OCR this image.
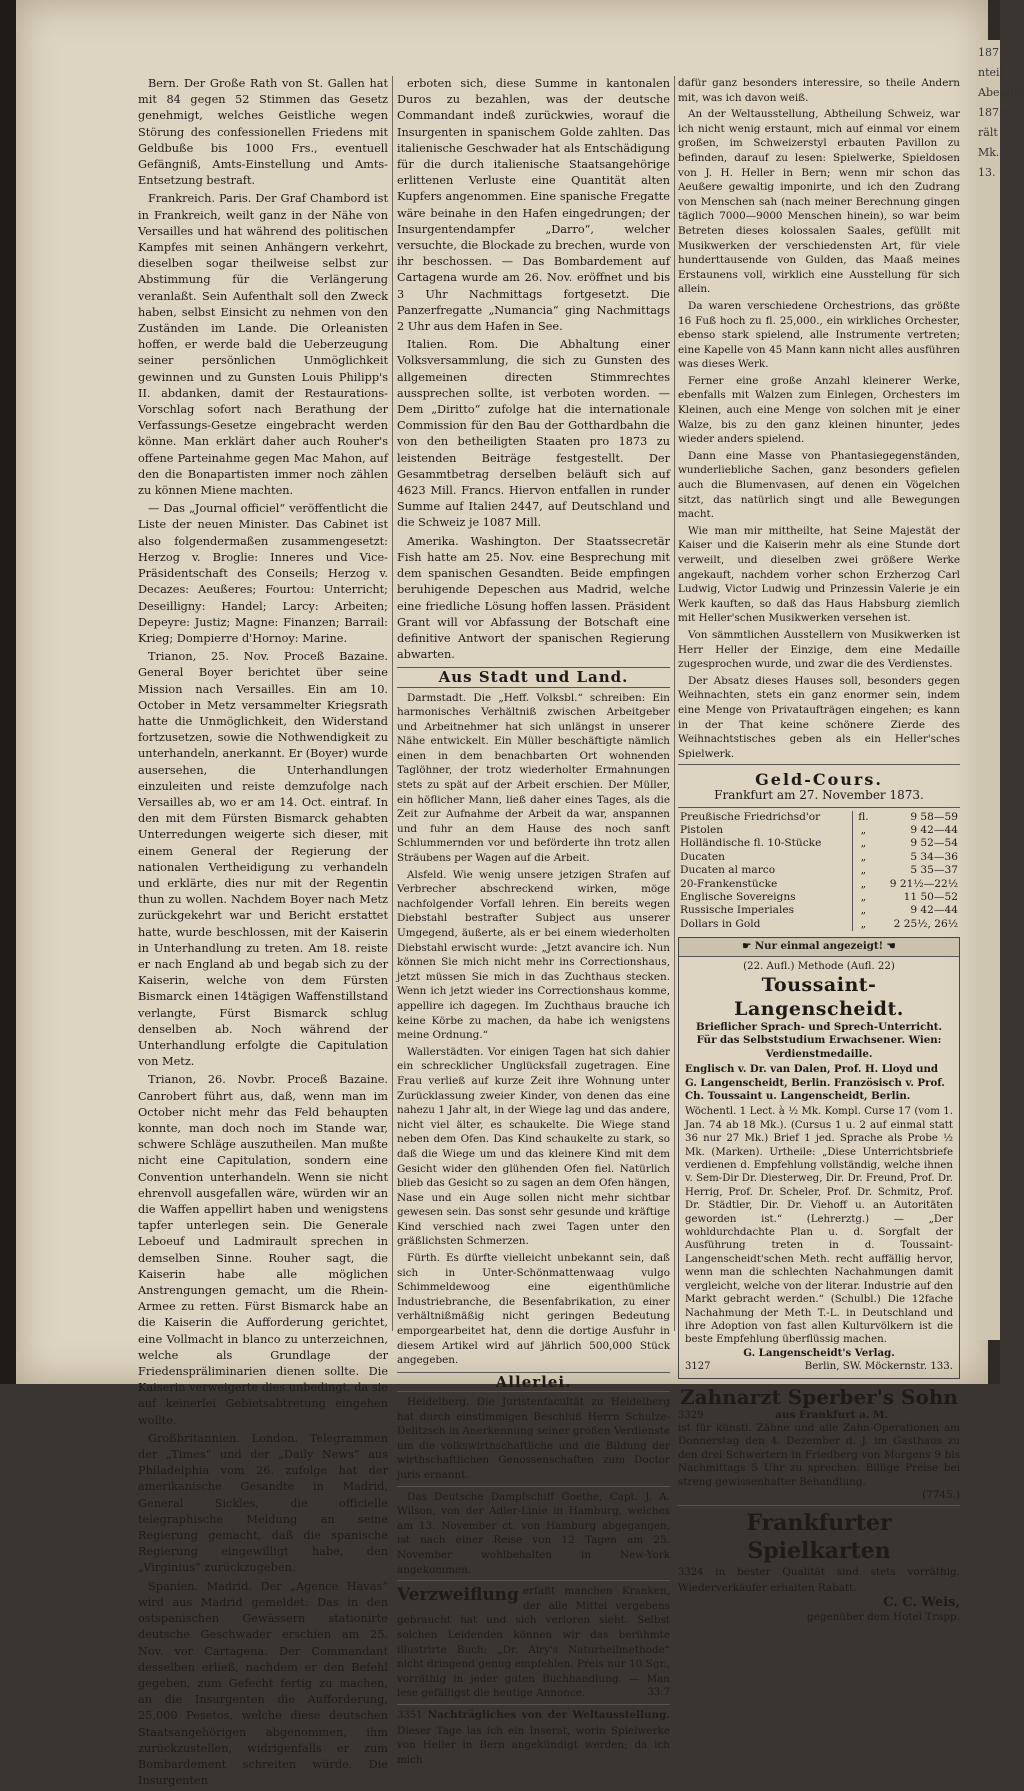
187
nteil
Abendbl
1873
rält
Mk.
13.

Bern. Der Große Rath von St. Gallen hat mit 84 gegen 52 Stimmen das Gesetz genehmigt, welches Geistliche wegen Störung des confessionellen Friedens mit Geldbuße bis 1000 Frs., eventuell Gefängniß, Amts-Einstellung und Amts-Entsetzung bestraft.

Frankreich. Paris. Der Graf Chambord ist in Frankreich, weilt ganz in der Nähe von Versailles und hat während des politischen Kampfes mit seinen Anhängern verkehrt, dieselben sogar theilweise selbst zur Abstimmung für die Verlängerung veranlaßt. Sein Aufenthalt soll den Zweck haben, selbst Einsicht zu nehmen von den Zuständen im Lande. Die Orleanisten hoffen, er werde bald die Ueberzeugung seiner persönlichen Unmöglichkeit gewinnen und zu Gunsten Louis Philipp's II. abdanken, damit der Restaurations-Vorschlag sofort nach Berathung der Verfassungs-Gesetze eingebracht werden könne. Man erklärt daher auch Rouher's offene Parteinahme gegen Mac Mahon, auf den die Bonapartisten immer noch zählen zu können Miene machten.

— Das „Journal officiel“ veröffentlicht die Liste der neuen Minister. Das Cabinet ist also folgendermaßen zusammengesetzt: Herzog v. Broglie: Inneres und Vice-Präsidentschaft des Conseils; Herzog v. Decazes: Aeußeres; Fourtou: Unterricht; Deseilligny: Handel; Larcy: Arbeiten; Depeyre: Justiz; Magne: Finanzen; Barrail: Krieg; Dompierre d'Hornoy: Marine.

Trianon, 25. Nov. Proceß Bazaine. General Boyer berichtet über seine Mission nach Versailles. Ein am 10. October in Metz versammelter Kriegsrath hatte die Unmöglichkeit, den Widerstand fortzusetzen, sowie die Nothwendigkeit zu unterhandeln, anerkannt. Er (Boyer) wurde ausersehen, die Unterhandlungen einzuleiten und reiste demzufolge nach Versailles ab, wo er am 14. Oct. eintraf. In den mit dem Fürsten Bismarck gehabten Unterredungen weigerte sich dieser, mit einem General der Regierung der nationalen Vertheidigung zu verhandeln und erklärte, dies nur mit der Regentin thun zu wollen. Nachdem Boyer nach Metz zurückgekehrt war und Bericht erstattet hatte, wurde beschlossen, mit der Kaiserin in Unterhandlung zu treten. Am 18. reiste er nach England ab und begab sich zu der Kaiserin, welche von dem Fürsten Bismarck einen 14tägigen Waffenstillstand verlangte, Fürst Bismarck schlug denselben ab. Noch während der Unterhandlung erfolgte die Capitulation von Metz.

Trianon, 26. Novbr. Proceß Bazaine. Canrobert führt aus, daß, wenn man im October nicht mehr das Feld behaupten konnte, man doch noch im Stande war, schwere Schläge auszutheilen. Man mußte nicht eine Capitulation, sondern eine Convention unterhandeln. Wenn sie nicht ehrenvoll ausgefallen wäre, würden wir an die Waffen appellirt haben und wenigstens tapfer unterlegen sein. Die Generale Leboeuf und Ladmirault sprechen in demselben Sinne. Rouher sagt, die Kaiserin habe alle möglichen Anstrengungen gemacht, um die Rhein-Armee zu retten. Fürst Bismarck habe an die Kaiserin die Aufforderung gerichtet, eine Vollmacht in blanco zu unterzeichnen, welche als Grundlage der Friedenspräliminarien dienen sollte. Die Kaiserin verweigerte dies unbedingt, da sie auf keinerlei Gebietsabtretung eingehen wollte.

Großbritannien. London. Telegrammen der „Times“ und der „Daily News“ aus Philadelphia vom 26. zufolge hat der amerikanische Gesandte in Madrid, General Sickles, die officielle telegraphische Meldung an seine Regierung gemacht, daß die spanische Regierung eingewilligt habe, den „Virginius“ zurückzugeben.

Spanien. Madrid. Der „Agence Havas“ wird aus Madrid gemeldet: Das in den ostspanischen Gewässern stationirte deutsche Geschwader erschien am 25. Nov. vor Cartagena. Der Commandant desselben erließ, nachdem er den Befehl gegeben, zum Gefecht fertig zu machen, an die Insurgenten die Aufforderung, 25,000 Pesetos, welche diese deutschen Staatsangehörigen abgenommen, ihm zurückzustellen, widrigenfalls er zum Bombardement schreiten würde. Die Insurgenten

erboten sich, diese Summe in kantonalen Duros zu bezahlen, was der deutsche Commandant indeß zurückwies, worauf die Insurgenten in spanischem Golde zahlten. Das italienische Geschwader hat als Entschädigung für die durch italienische Staatsangehörige erlittenen Verluste eine Quantität alten Kupfers angenommen. Eine spanische Fregatte wäre beinahe in den Hafen eingedrungen; der Insurgentendampfer „Darro“, welcher versuchte, die Blockade zu brechen, wurde von ihr beschossen. — Das Bombardement auf Cartagena wurde am 26. Nov. eröffnet und bis 3 Uhr Nachmittags fortgesetzt. Die Panzerfregatte „Numancia“ ging Nachmittags 2 Uhr aus dem Hafen in See.

Italien. Rom. Die Abhaltung einer Volksversammlung, die sich zu Gunsten des allgemeinen directen Stimmrechtes aussprechen sollte, ist verboten worden. — Dem „Diritto“ zufolge hat die internationale Commission für den Bau der Gotthardbahn die von den betheiligten Staaten pro 1873 zu leistenden Beiträge festgestellt. Der Gesammtbetrag derselben beläuft sich auf 4623 Mill. Francs. Hiervon entfallen in runder Summe auf Italien 2447, auf Deutschland und die Schweiz je 1087 Mill.

Amerika. Washington. Der Staatssecretär Fish hatte am 25. Nov. eine Besprechung mit dem spanischen Gesandten. Beide empfingen beruhigende Depeschen aus Madrid, welche eine friedliche Lösung hoffen lassen. Präsident Grant will vor Abfassung der Botschaft eine definitive Antwort der spanischen Regierung abwarten.

Aus Stadt und Land.

Darmstadt. Die „Heff. Volksbl.“ schreiben: Ein harmonisches Verhältniß zwischen Arbeitgeber und Arbeitnehmer hat sich unlängst in unserer Nähe entwickelt. Ein Müller beschäftigte nämlich einen in dem benachbarten Ort wohnenden Taglöhner, der trotz wiederholter Ermahnungen stets zu spät auf der Arbeit erschien. Der Müller, ein höflicher Mann, ließ daher eines Tages, als die Zeit zur Aufnahme der Arbeit da war, anspannen und fuhr an dem Hause des noch sanft Schlummernden vor und beförderte ihn trotz allen Sträubens per Wagen auf die Arbeit.

Alsfeld. Wie wenig unsere jetzigen Strafen auf Verbrecher abschreckend wirken, möge nachfolgender Vorfall lehren. Ein bereits wegen Diebstahl bestrafter Subject aus unserer Umgegend, äußerte, als er bei einem wiederholten Diebstahl erwischt wurde: „Jetzt avancire ich. Nun können Sie mich nicht mehr ins Correctionshaus, jetzt müssen Sie mich in das Zuchthaus stecken. Wenn ich jetzt wieder ins Correctionshaus komme, appellire ich dagegen. Im Zuchthaus brauche ich keine Körbe zu machen, da habe ich wenigstens meine Ordnung.“

Wallerstädten. Vor einigen Tagen hat sich dahier ein schrecklicher Unglücksfall zugetragen. Eine Frau verließ auf kurze Zeit ihre Wohnung unter Zurücklassung zweier Kinder, von denen das eine nahezu 1 Jahr alt, in der Wiege lag und das andere, nicht viel älter, es schaukelte. Die Wiege stand neben dem Ofen. Das Kind schaukelte zu stark, so daß die Wiege um und das kleinere Kind mit dem Gesicht wider den glühenden Ofen fiel. Natürlich blieb das Gesicht so zu sagen an dem Ofen hängen, Nase und ein Auge sollen nicht mehr sichtbar gewesen sein. Das sonst sehr gesunde und kräftige Kind verschied nach zwei Tagen unter den gräßlichsten Schmerzen.

Fürth. Es dürfte vielleicht unbekannt sein, daß sich in Unter-Schönmattenwaag vulgo Schimmeldewoog eine eigenthümliche Industriebranche, die Besenfabrikation, zu einer verhältnißmäßig nicht geringen Bedeutung emporgearbeitet hat, denn die dortige Ausfuhr in diesem Artikel wird auf jährlich 500,000 Stück angegeben.

Allerlei.

Heidelberg. Die Juristenfacultät zu Heidelberg hat durch einstimmigen Beschluß Herrn Schulze-Delitzsch in Anerkennung seiner großen Verdienste um die volkswirthschaftliche und die Bildung der wirthschaftlichen Genossenschaften zum Doctor juris ernannt.

Das Deutsche Dampfschiff Goethe, Capt. J. A. Wilson, von der Adler-Linie in Hamburg, welches am 13. November ct. von Hamburg abgegangen, ist nach einer Reise von 12 Tagen am 25. November wohlbehalten in New-York angekommen.

Verzweiflung erfaßt manchen Kranken, der alle Mittel vergebens gebraucht hat und sich verloren sieht. Selbst solchen Leidenden können wir das berühmte illustrirte Buch: „Dr. Airy's Naturheilmethode“ nicht dringend genug empfehlen. Preis nur 10 Sgr., vorräthig in jeder guten Buchhandlung. — Man lese gefälligst die heutige Annonce.	33:7

3351 Nachträgliches von der Weltausstellung. Dieser Tage las ich ein Inserat, worin Spielwerke von Heller in Bern angekündigt werden; da ich mich

dafür ganz besonders interessire, so theile Andern mit, was ich davon weiß.

An der Weltausstellung, Abtheilung Schweiz, war ich nicht wenig erstaunt, mich auf einmal vor einem großen, im Schweizerstyl erbauten Pavillon zu befinden, darauf zu lesen: Spielwerke, Spieldosen von J. H. Heller in Bern; wenn mir schon das Aeußere gewaltig imponirte, und ich den Zudrang von Menschen sah (nach meiner Berechnung gingen täglich 7000—9000 Menschen hinein), so war beim Betreten dieses kolossalen Saales, gefüllt mit Musikwerken der verschiedensten Art, für viele hunderttausende von Gulden, das Maaß meines Erstaunens voll, wirklich eine Ausstellung für sich allein.

Da waren verschiedene Orchestrions, das größte 16 Fuß hoch zu fl. 25,000., ein wirkliches Orchester, ebenso stark spielend, alle Instrumente vertreten; eine Kapelle von 45 Mann kann nicht alles ausführen was dieses Werk.

Ferner eine große Anzahl kleinerer Werke, ebenfalls mit Walzen zum Einlegen, Orchesters im Kleinen, auch eine Menge von solchen mit je einer Walze, bis zu den ganz kleinen hinunter, jedes wieder anders spielend.

Dann eine Masse von Phantasiegegenständen, wunderliebliche Sachen, ganz besonders gefielen auch die Blumenvasen, auf denen ein Vögelchen sitzt, das natürlich singt und alle Bewegungen macht.

Wie man mir mittheilte, hat Seine Majestät der Kaiser und die Kaiserin mehr als eine Stunde dort verweilt, und dieselben zwei größere Werke angekauft, nachdem vorher schon Erzherzog Carl Ludwig, Victor Ludwig und Prinzessin Valerie je ein Werk kauften, so daß das Haus Habsburg ziemlich mit Heller'schen Musikwerken versehen ist.

Von sämmtlichen Ausstellern von Musikwerken ist Herr Heller der Einzige, dem eine Medaille zugesprochen wurde, und zwar die des Verdienstes.

Der Absatz dieses Hauses soll, besonders gegen Weihnachten, stets ein ganz enormer sein, indem eine Menge von Privataufträgen eingehen; es kann in der That keine schönere Zierde des Weihnachtstisches geben als ein Heller'sches Spielwerk.

Geld-Cours.
Frankfurt am 27. November 1873.
Preußische Friedrichsd'or	fl.	9 58—59
Pistolen	„	9 42—44
Holländische fl. 10-Stücke	„	9 52—54
Ducaten	„	5 34—36
Ducaten al marco	„	5 35—37
20-Frankenstücke	„	9 21½—22½
Englische Sovereigns	„	11 50—52
Russische Imperiales	„	9 42—44
Dollars in Gold	„	2 25½, 26½
☛ Nur einmal angezeigt! ☚
(22. Aufl.) Methode (Aufl. 22)
Toussaint-Langenscheidt.
Brieflicher Sprach- und Sprech-Unterricht. Für das Selbststudium Erwachsener. Wien: Verdienstmedaille.
Englisch v. Dr. van Dalen, Prof. H. Lloyd und G. Langenscheidt, Berlin. Französisch v. Prof. Ch. Toussaint u. Langenscheidt, Berlin.
Wöchentl. 1 Lect. à ½ Mk. Kompl. Curse 17 (vom 1. Jan. 74 ab 18 Mk.). (Cursus 1 u. 2 auf einmal statt 36 nur 27 Mk.) Brief 1 jed. Sprache als Probe ½ Mk. (Marken). Urtheile: „Diese Unterrichtsbriefe verdienen d. Empfehlung vollständig, welche ihnen v. Sem-Dir Dr. Diesterweg, Dir. Dr. Freund, Prof. Dr. Herrig, Prof. Dr. Scheler, Prof. Dr. Schmitz, Prof. Dr. Städtler, Dir. Dr. Viehoff u. an Autoritäten geworden ist.“ (Lehrerztg.) — „Der wohldurchdachte Plan u. d. Sorgfalt der Ausführung treten in d. Toussaint-Langenscheidt'schen Meth. recht auffällig hervor, wenn man die schlechten Nachahmungen damit vergleicht, welche von der literar. Industrie auf den Markt gebracht werden.“ (Schulbl.) Die 12fache Nachahmung der Meth T.-L. in Deutschland und ihre Adoption von fast allen Kulturvölkern ist die beste Empfehlung überflüssig machen.
G. Langenscheidt's Verlag.
3127	Berlin, SW. Möckernstr. 133.
Zahnarzt Sperber's Sohn
3329	aus Frankfurt a. M.
ist für künstl. Zähne und alle Zahn-Operationen am Donnerstag den 4. Dezember d. J. im Gasthaus zu den drei Schwertern in Friedberg von Morgens 9 bis Nachmittags 5 Uhr zu sprechen. Billige Preise bei streng gewissenhafter Behandlung.
(7745.)
Frankfurter Spielkarten
3324 in bester Qualität sind stets vorräthig. Wiederverkäufer erhalten Rabatt.
C. C. Weis,
gegenüber dem Hotel Trapp.
